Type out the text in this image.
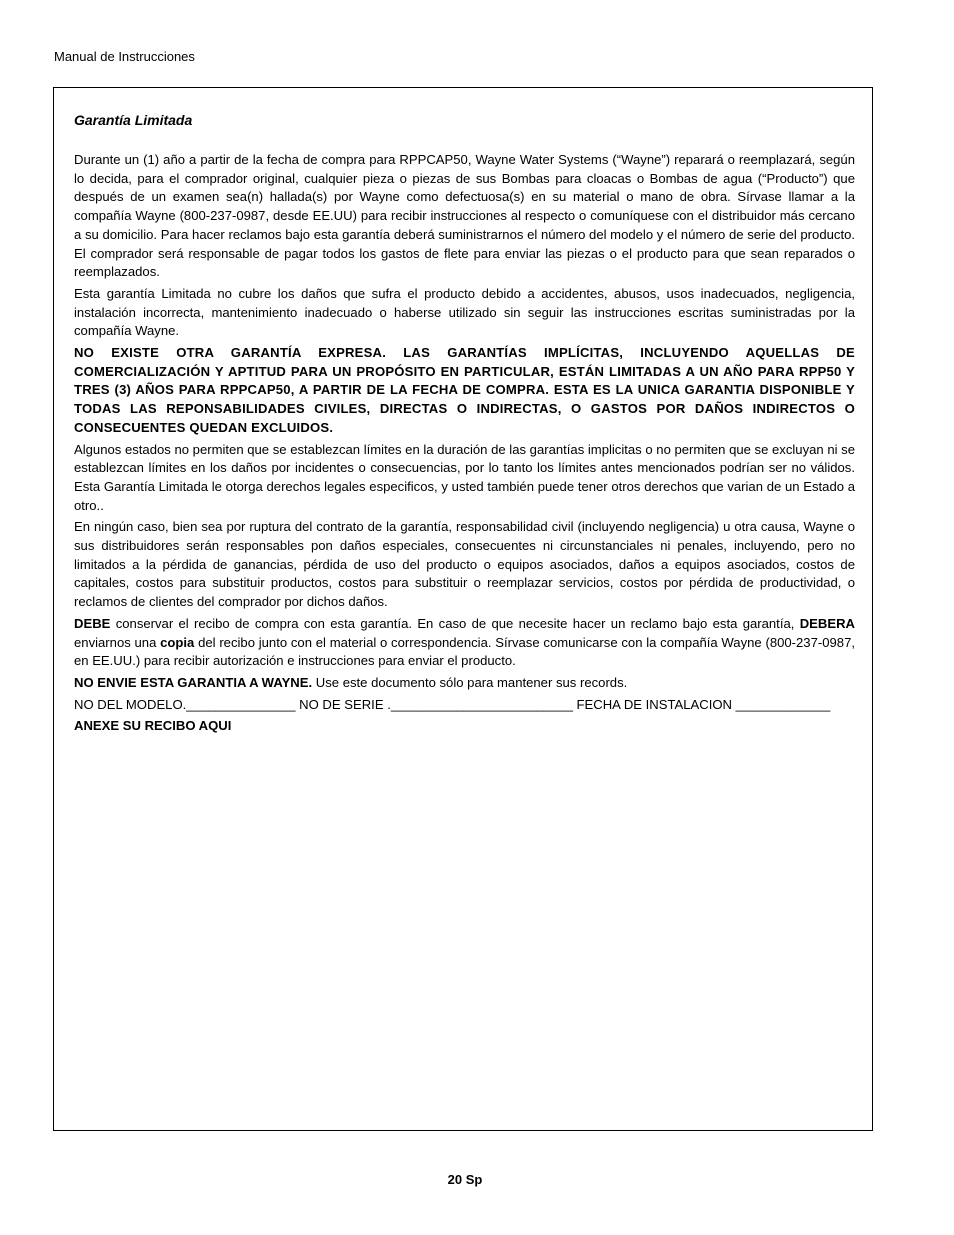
Manual de Instrucciones
Garantía Limitada

Durante un (1) año a partir de la fecha de compra para RPPCAP50, Wayne Water Systems (“Wayne”) reparará o reemplazará, según lo decida, para el comprador original, cualquier pieza o piezas de sus Bombas para cloacas o Bombas de agua (“Producto”) que después de un examen sea(n) hallada(s) por Wayne como defectuosa(s) en su material o mano de obra. Sírvase llamar a la compañía Wayne (800-237-0987, desde EE.UU) para recibir instrucciones al respecto o comuníquese con el distribuidor más cercano a su domicilio. Para hacer reclamos bajo esta garantía deberá suministrarnos el número del modelo y el número de serie del producto. El comprador será responsable de pagar todos los gastos de flete para enviar las piezas o el producto para que sean reparados o reemplazados.

Esta garantía Limitada no cubre los daños que sufra el producto debido a accidentes, abusos, usos inadecuados, negligencia, instalación incorrecta, mantenimiento inadecuado o haberse utilizado sin seguir las instrucciones escritas suministradas por la compañía Wayne.

NO EXISTE OTRA GARANTÍA EXPRESA. LAS GARANTÍAS IMPLÍCITAS, INCLUYENDO AQUELLAS DE COMERCIALIZACIÓN Y APTITUD PARA UN PROPÓSITO EN PARTICULAR, ESTÁN LIMITADAS A UN AÑO PARA RPP50 Y TRES (3) AÑOS PARA RPPCAP50, A PARTIR DE LA FECHA DE COMPRA. ESTA ES LA UNICA GARANTIA DISPONIBLE Y TODAS LAS REPONSABILIDADES CIVILES, DIRECTAS O INDIRECTAS, O GASTOS POR DAÑOS INDIRECTOS O CONSECUENTES QUEDAN EXCLUIDOS.

Algunos estados no permiten que se establezcan límites en la duración de las garantías implicitas o no permiten que se excluyan ni se establezcan límites en los daños por incidentes o consecuencias, por lo tanto los límites antes mencionados podrían ser no válidos. Esta Garantía Limitada le otorga derechos legales especificos, y usted también puede tener otros derechos que varian de un Estado a otro..

En ningún caso, bien sea por ruptura del contrato de la garantía, responsabilidad civil (incluyendo negligencia) u otra causa, Wayne o sus distribuidores serán responsables pon daños especiales, consecuentes ni circunstanciales ni penales, incluyendo, pero no limitados a la pérdida de ganancias, pérdida de uso del producto o equipos asociados, daños a equipos asociados, costos de capitales, costos para substituir productos, costos para substituir o reemplazar servicios, costos por pérdida de productividad, o reclamos de clientes del comprador por dichos daños.

DEBE conservar el recibo de compra con esta garantía. En caso de que necesite hacer un reclamo bajo esta garantía, DEBERA enviarnos una copia del recibo junto con el material o correspondencia. Sírvase comunicarse con la compañía Wayne (800-237-0987, en EE.UU.) para recibir autorización e instrucciones para enviar el producto.

NO ENVIE ESTA GARANTIA A WAYNE. Use este documento sólo para mantener sus records.

NO DEL MODELO._______________ NO DE SERIE ._________________________ FECHA DE INSTALACION _____________
ANEXE SU RECIBO AQUI
20 Sp
